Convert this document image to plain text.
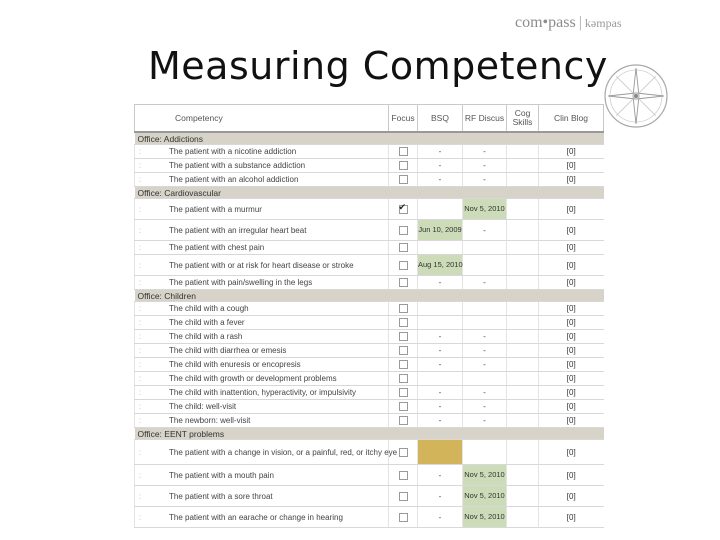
Measuring Competency
com•pass | kəmpas
Competency	Focus	BSQ	RF Discus	Cog Skills	Clin Blog
Office: Addictions					
: The patient with a nicotine addiction		-	-		[0]
: The patient with a substance addiction		-	-		[0]
: The patient with an alcohol addiction		-	-		[0]
Office: Cardiovascular					
: The patient with a murmur	✔		Nov 5, 2010		[0]
: The patient with an irregular heart beat		Jun 10, 2009	-		[0]
: The patient with chest pain					[0]
: The patient with or at risk for heart disease or stroke		Aug 15, 2010			[0]
: The patient with pain/swelling in the legs		-	-		[0]
Office: Children					
: The child with a cough					[0]
: The child with a fever					[0]
: The child with a rash		-	-		[0]
: The child with diarrhea or emesis		-	-		[0]
: The child with enuresis or encopresis		-	-		[0]
: The child with growth or development problems					[0]
: The child with inattention, hyperactivity, or impulsivity		-	-		[0]
: The child: well-visit		-	-		[0]
: The newborn: well-visit		-	-		[0]
Office: EENT problems					
: The patient with a change in vision, or a painful, red, or itchy eye					[0]
: The patient with a mouth pain		-	Nov 5, 2010		[0]
: The patient with a sore throat		-	Nov 5, 2010		[0]
: The patient with an earache or change in hearing		-	Nov 5, 2010		[0]
